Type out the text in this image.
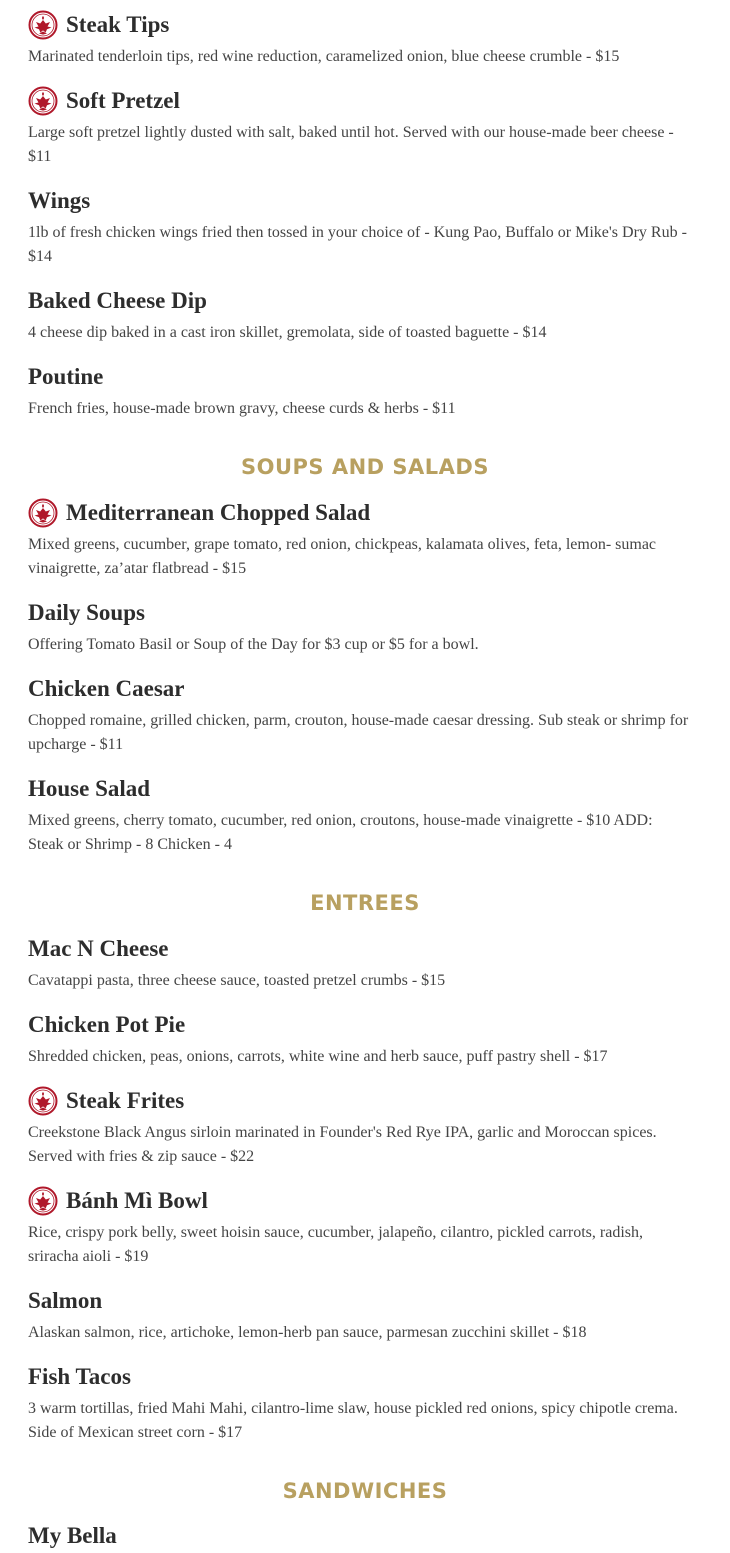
Steak Tips
Marinated tenderloin tips, red wine reduction, caramelized onion, blue cheese crumble - $15
Soft Pretzel
Large soft pretzel lightly dusted with salt, baked until hot. Served with our house-made beer cheese - $11
Wings
1lb of fresh chicken wings fried then tossed in your choice of - Kung Pao, Buffalo or Mike's Dry Rub - $14
Baked Cheese Dip
4 cheese dip baked in a cast iron skillet, gremolata, side of toasted baguette - $14
Poutine
French fries, house-made brown gravy, cheese curds & herbs - $11
Mediterranean Chopped Salad
Mixed greens, cucumber, grape tomato, red onion, chickpeas, kalamata olives, feta, lemon- sumac vinaigrette, za’atar flatbread - $15
Daily Soups
Offering Tomato Basil or Soup of the Day for $3 cup or $5 for a bowl.
Chicken Caesar
Chopped romaine, grilled chicken, parm, crouton, house-made caesar dressing. Sub steak or shrimp for upcharge - $11
House Salad
Mixed greens, cherry tomato, cucumber, red onion, croutons, house-made vinaigrette - $10 ADD: Steak or Shrimp - 8 Chicken - 4
Mac N Cheese
Cavatappi pasta, three cheese sauce, toasted pretzel crumbs - $15
Chicken Pot Pie
Shredded chicken, peas, onions, carrots, white wine and herb sauce, puff pastry shell - $17
Steak Frites
Creekstone Black Angus sirloin marinated in Founder's Red Rye IPA, garlic and Moroccan spices. Served with fries & zip sauce - $22
Bánh Mì Bowl
Rice, crispy pork belly, sweet hoisin sauce, cucumber, jalapeño, cilantro, pickled carrots, radish, sriracha aioli - $19
Salmon
Alaskan salmon, rice, artichoke, lemon-herb pan sauce, parmesan zucchini skillet - $18
Fish Tacos
3 warm tortillas, fried Mahi Mahi, cilantro-lime slaw, house pickled red onions, spicy chipotle crema. Side of Mexican street corn - $17
My Bella
SOUPS AND SALADS
ENTREES
SANDWICHES
